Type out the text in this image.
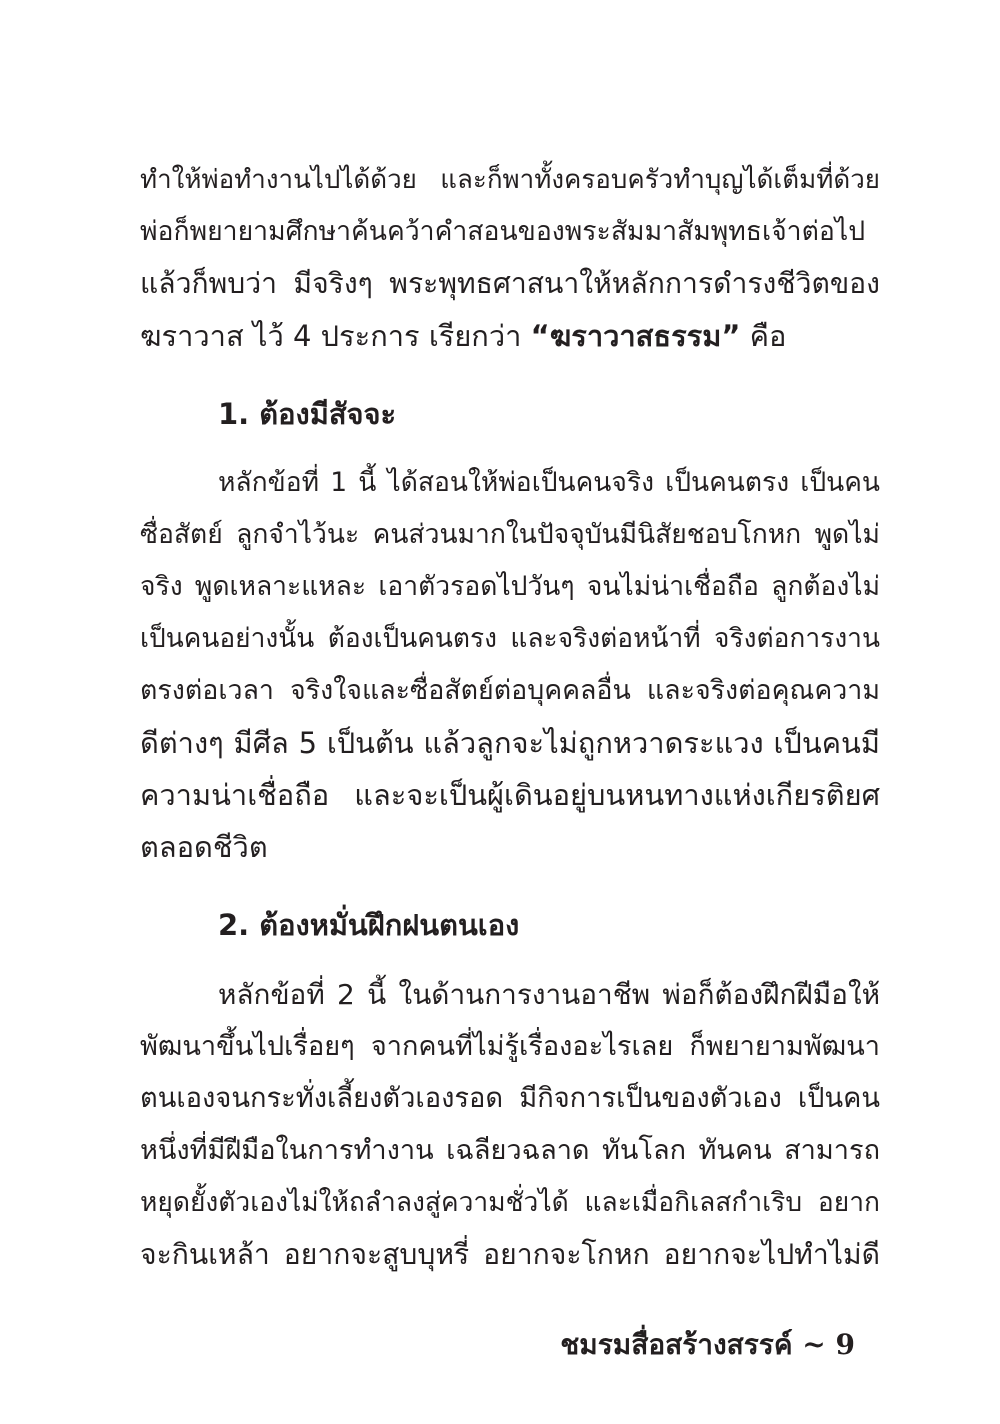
ทำให้พ่อทำงานไปได้ด้วย และก็พาทั้งครอบครัวทำบุญได้เต็มที่ด้วย
พ่อก็พยายามศึกษาค้นคว้าคำสอนของพระสัมมาสัมพุทธเจ้าต่อไป
แล้วก็พบว่า มีจริงๆ พระพุทธศาสนาให้หลักการดำรงชีวิตของ
ฆราวาส ไว้ 4 ประการ เรียกว่า “ฆราวาสธรรม” คือ
1. ต้องมีสัจจะ
หลักข้อที่ 1 นี้ ได้สอนให้พ่อเป็นคนจริง เป็นคนตรง เป็นคน
ซื่อสัตย์ ลูกจำไว้นะ คนส่วนมากในปัจจุบันมีนิสัยชอบโกหก พูดไม่
จริง พูดเหลาะแหละ เอาตัวรอดไปวันๆ จนไม่น่าเชื่อถือ ลูกต้องไม่
เป็นคนอย่างนั้น ต้องเป็นคนตรง และจริงต่อหน้าที่ จริงต่อการงาน
ตรงต่อเวลา จริงใจและซื่อสัตย์ต่อบุคคลอื่น และจริงต่อคุณความ
ดีต่างๆ มีศีล 5 เป็นต้น แล้วลูกจะไม่ถูกหวาดระแวง เป็นคนมี
ความน่าเชื่อถือ และจะเป็นผู้เดินอยู่บนหนทางแห่งเกียรติยศ
ตลอดชีวิต
2. ต้องหมั่นฝึกฝนตนเอง
หลักข้อที่ 2 นี้ ในด้านการงานอาชีพ พ่อก็ต้องฝึกฝีมือให้
พัฒนาขึ้นไปเรื่อยๆ จากคนที่ไม่รู้เรื่องอะไรเลย ก็พยายามพัฒนา
ตนเองจนกระทั่งเลี้ยงตัวเองรอด มีกิจการเป็นของตัวเอง เป็นคน
หนึ่งที่มีฝีมือในการทำงาน เฉลียวฉลาด ทันโลก ทันคน สามารถ
หยุดยั้งตัวเองไม่ให้ถลำลงสู่ความชั่วได้ และเมื่อกิเลสกำเริบ อยาก
จะกินเหล้า อยากจะสูบบุหรี่ อยากจะโกหก อยากจะไปทำไม่ดี
ชมรมสื่อสร้างสรรค์ ~ 9
